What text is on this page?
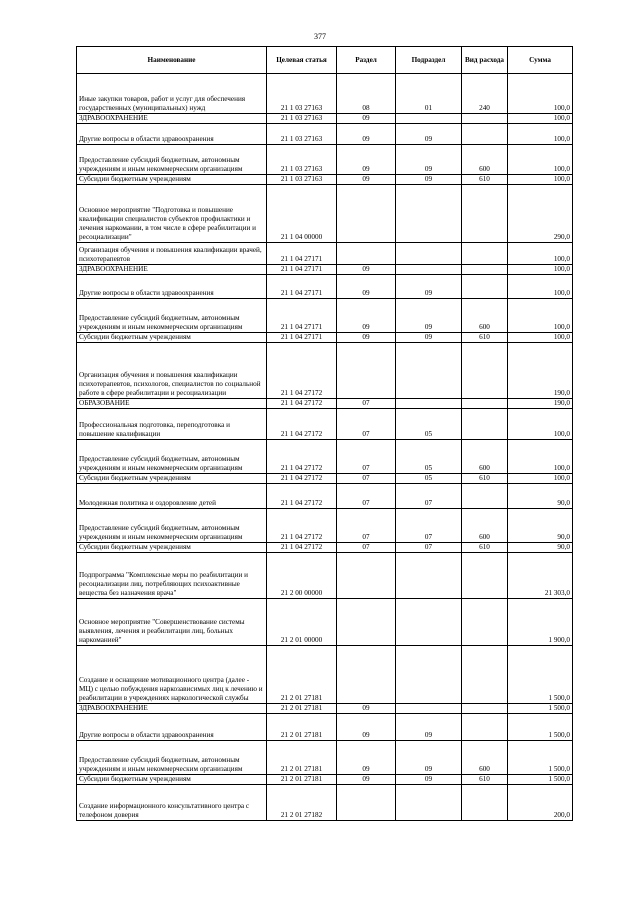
377
Наименование	Целевая статья	Раздел	Подраздел	Вид расхода	Сумма
Иные закупки товаров, работ и услуг для обеспечения государственных (муниципальных) нужд	21 1 03 27163	08	01	240	100,0
ЗДРАВООХРАНЕНИЕ	21 1 03 27163	09			100,0
Другие вопросы в области здравоохранения	21 1 03 27163	09	09		100,0
Предоставление субсидий бюджетным, автономным учреждениям и иным некоммерческим организациям	21 1 03 27163	09	09	600	100,0
Субсидии бюджетным учреждениям	21 1 03 27163	09	09	610	100,0
Основное мероприятие "Подготовка и повышение квалификации специалистов субъектов профилактики и лечения наркомании, в том числе в сфере реабилитации и ресоциализации"	21 1 04 00000				290,0
Организация обучения и повышения квалификации врачей, психотерапевтов	21 1 04 27171				100,0
ЗДРАВООХРАНЕНИЕ	21 1 04 27171	09			100,0
Другие вопросы в области здравоохранения	21 1 04 27171	09	09		100,0
Предоставление субсидий бюджетным, автономным учреждениям и иным некоммерческим организациям	21 1 04 27171	09	09	600	100,0
Субсидии бюджетным учреждениям	21 1 04 27171	09	09	610	100,0
Организация обучения и повышения квалификации психотерапевтов, психологов, специалистов по социальной работе в сфере реабилитации и ресоциализации	21 1 04 27172				190,0
ОБРАЗОВАНИЕ	21 1 04 27172	07			190,0
Профессиональная подготовка, переподготовка и повышение квалификации	21 1 04 27172	07	05		100,0
Предоставление субсидий бюджетным, автономным учреждениям и иным некоммерческим организациям	21 1 04 27172	07	05	600	100,0
Субсидии бюджетным учреждениям	21 1 04 27172	07	05	610	100,0
Молодежная политика и оздоровление детей	21 1 04 27172	07	07		90,0
Предоставление субсидий бюджетным, автономным учреждениям и иным некоммерческим организациям	21 1 04 27172	07	07	600	90,0
Субсидии бюджетным учреждениям	21 1 04 27172	07	07	610	90,0
Подпрограмма "Комплексные меры по реабилитации и ресоциализации лиц, потребляющих психоактивные вещества без назначения врача"	21 2 00 00000				21 303,0
Основное мероприятие "Совершенствование системы выявления, лечения и реабилитации лиц, больных наркоманией"	21 2 01 00000				1 900,0
Создание и оснащение мотивационного центра (далее - МЦ) с целью побуждения наркозависимых лиц к лечению и реабилитации в учреждениях наркологической службы	21 2 01 27181				1 500,0
ЗДРАВООХРАНЕНИЕ	21 2 01 27181	09			1 500,0
Другие вопросы в области здравоохранения	21 2 01 27181	09	09		1 500,0
Предоставление субсидий бюджетным, автономным учреждениям и иным некоммерческим организациям	21 2 01 27181	09	09	600	1 500,0
Субсидии бюджетным учреждениям	21 2 01 27181	09	09	610	1 500,0
Создание информационного консультативного центра с телефоном доверия	21 2 01 27182				200,0
